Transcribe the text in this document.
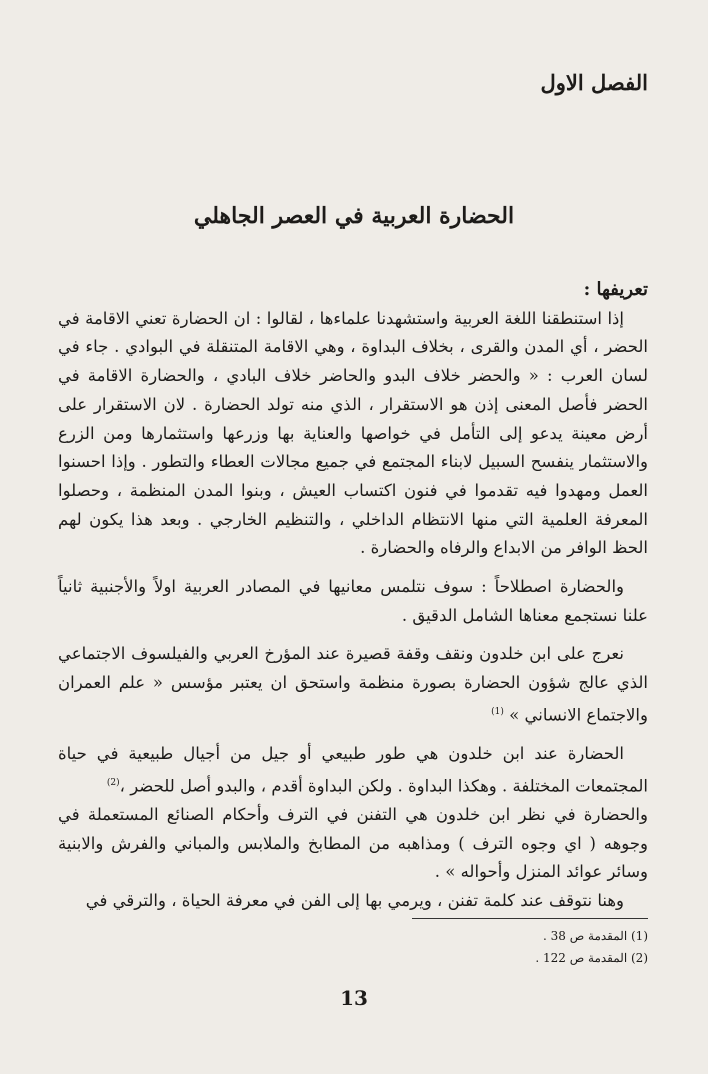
الفصل الاول
الحضارة العربية في العصر الجاهلي

تعريفها :

إذا استنطقنا اللغة العربية واستشهدنا علماءها ، لقالوا : ان الحضارة تعني الاقامة في الحضر ، أي المدن والقرى ، بخلاف البداوة ، وهي الاقامة المتنقلة في البوادي . جاء في لسان العرب : « والحضر خلاف البدو والحاضر خلاف البادي ، والحضارة الاقامة في الحضر فأصل المعنى إذن هو الاستقرار ، الذي منه تولد الحضارة . لان الاستقرار على أرض معينة يدعو إلى التأمل في خواصها والعناية بها وزرعها واستثمارها ومن الزرع والاستثمار ينفسح السبيل لابناء المجتمع في جميع مجالات العطاء والتطور . وإذا احسنوا العمل ومهدوا فيه تقدموا في فنون اكتساب العيش ، وبنوا المدن المنظمة ، وحصلوا المعرفة العلمية التي منها الانتظام الداخلي ، والتنظيم الخارجي . وبعد هذا يكون لهم الحظ الوافر من الابداع والرفاه والحضارة .

والحضارة اصطلاحاً : سوف نتلمس معانيها في المصادر العربية اولاً والأجنبية ثانياً علنا نستجمع معناها الشامل الدقيق .

نعرج على ابن خلدون ونقف وقفة قصيرة عند المؤرخ العربي والفيلسوف الاجتماعي الذي عالج شؤون الحضارة بصورة منظمة واستحق ان يعتبر مؤسس « علم العمران والاجتماع الانساني » $^{(1)}$

الحضارة عند ابن خلدون هي طور طبيعي أو جيل من أجيال طبيعية في حياة المجتمعات المختلفة . وهكذا البداوة . ولكن البداوة أقدم ، والبدو أصل للحضر ،$^{(2)}$

والحضارة في نظر ابن خلدون هي التفنن في الترف وأحكام الصنائع المستعملة في وجوهه ( اي وجوه الترف ) ومذاهبه من المطابخ والملابس والمباني والفرش والابنية وسائر عوائد المنزل وأحواله » .

وهنا نتوقف عند كلمة تفنن ، ويرمي بها إلى الفن في معرفة الحياة ، والترقي في

(1) المقدمة ص 38 .
(2) المقدمة ص 122 .
13
